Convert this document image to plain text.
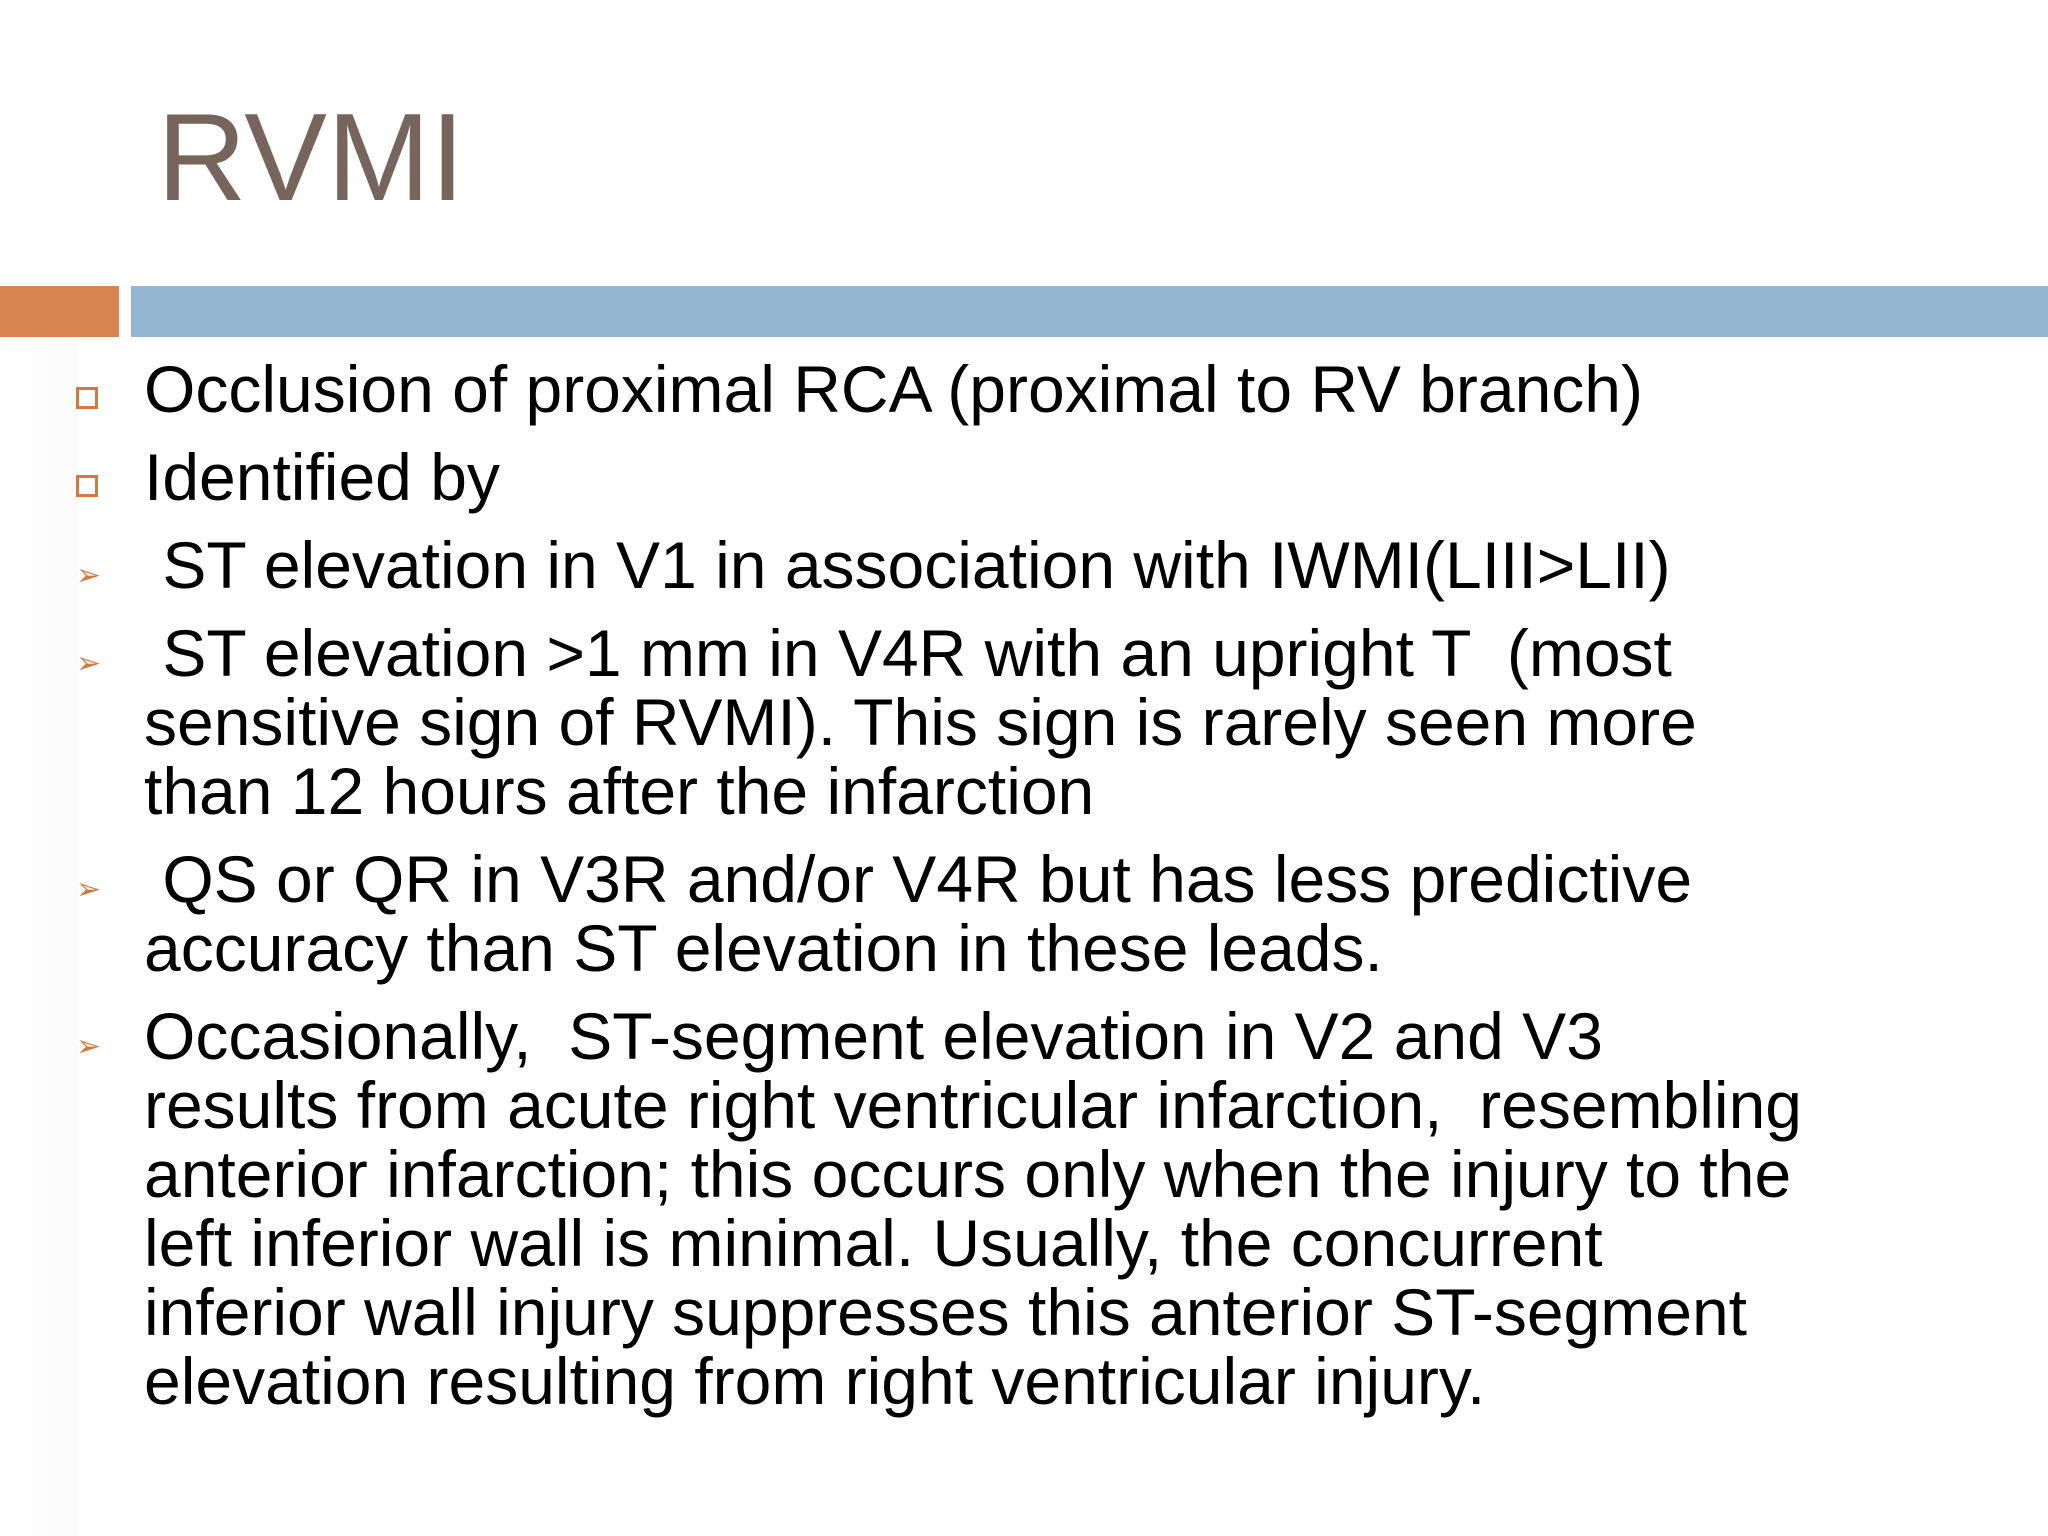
RVMI
Occlusion of proximal RCA (proximal to RV branch)
Identified by
➢ ST elevation in V1 in association with IWMI(LIII>LII)
➢ ST elevation >1 mm in V4R with an upright T  (most
sensitive sign of RVMI). This sign is rarely seen more
than 12 hours after the infarction
➢ QS or QR in V3R and/or V4R but has less predictive
accuracy than ST elevation in these leads.
➢ Occasionally,  ST-segment elevation in V2 and V3
results from acute right ventricular infarction,  resembling
anterior infarction; this occurs only when the injury to the
left inferior wall is minimal. Usually, the concurrent
inferior wall injury suppresses this anterior ST-segment
elevation resulting from right ventricular injury.
